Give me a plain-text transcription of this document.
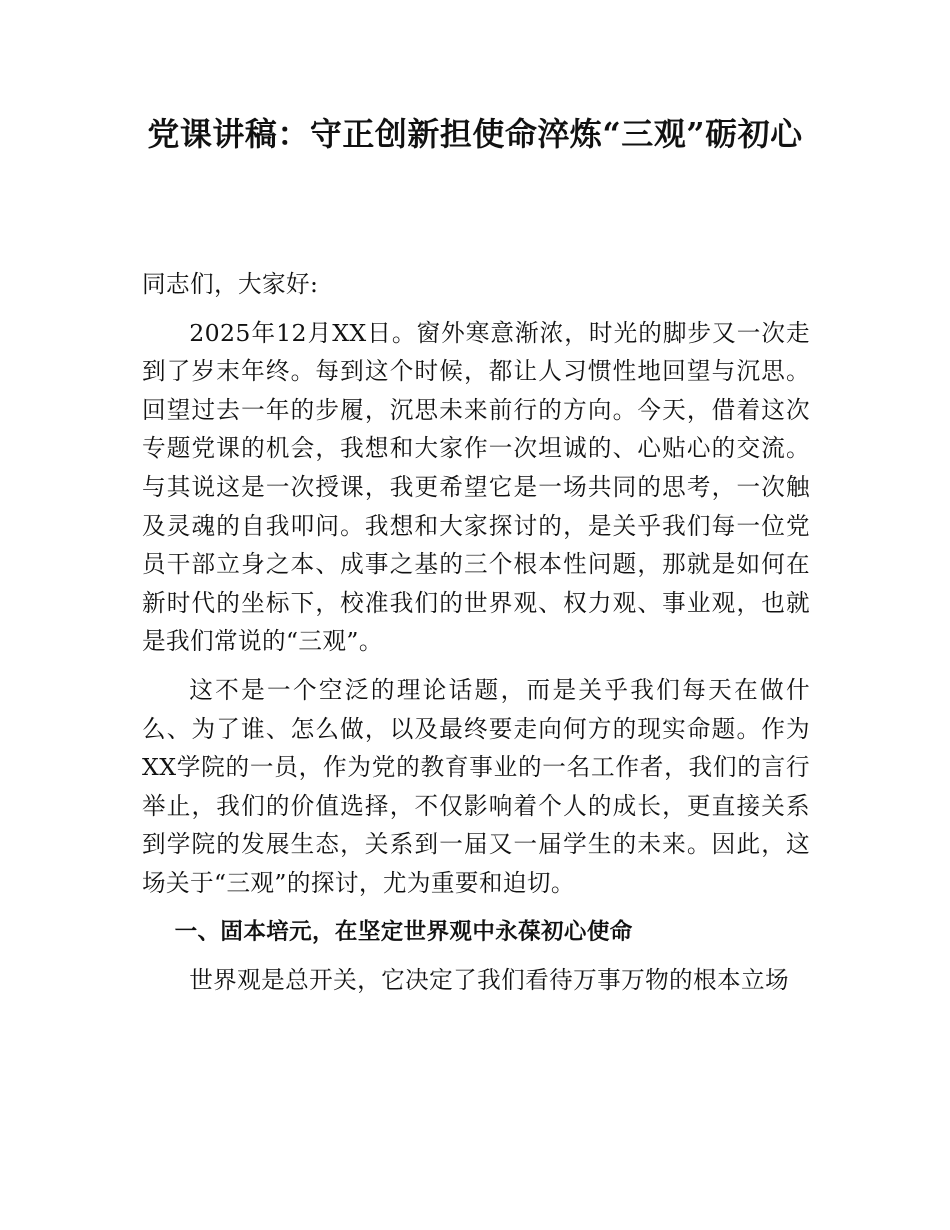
党课讲稿：守正创新担使命淬炼“三观”砺初心

同志们，大家好:

2025年12月XX日。窗外寒意渐浓，时光的脚步又一次走到了岁末年终。每到这个时候，都让人习惯性地回望与沉思。回望过去一年的步履，沉思未来前行的方向。今天，借着这次专题党课的机会，我想和大家作一次坦诚的、心贴心的交流。与其说这是一次授课，我更希望它是一场共同的思考，一次触及灵魂的自我叩问。我想和大家探讨的，是关乎我们每一位党员干部立身之本、成事之基的三个根本性问题，那就是如何在新时代的坐标下，校准我们的世界观、权力观、事业观，也就是我们常说的“三观”。

这不是一个空泛的理论话题，而是关乎我们每天在做什么、为了谁、怎么做，以及最终要走向何方的现实命题。作为XX学院的一员，作为党的教育事业的一名工作者，我们的言行举止，我们的价值选择，不仅影响着个人的成长，更直接关系到学院的发展生态，关系到一届又一届学生的未来。因此，这场关于“三观”的探讨，尤为重要和迫切。

一、固本培元，在坚定世界观中永葆初心使命

世界观是总开关，它决定了我们看待万事万物的根本立场
